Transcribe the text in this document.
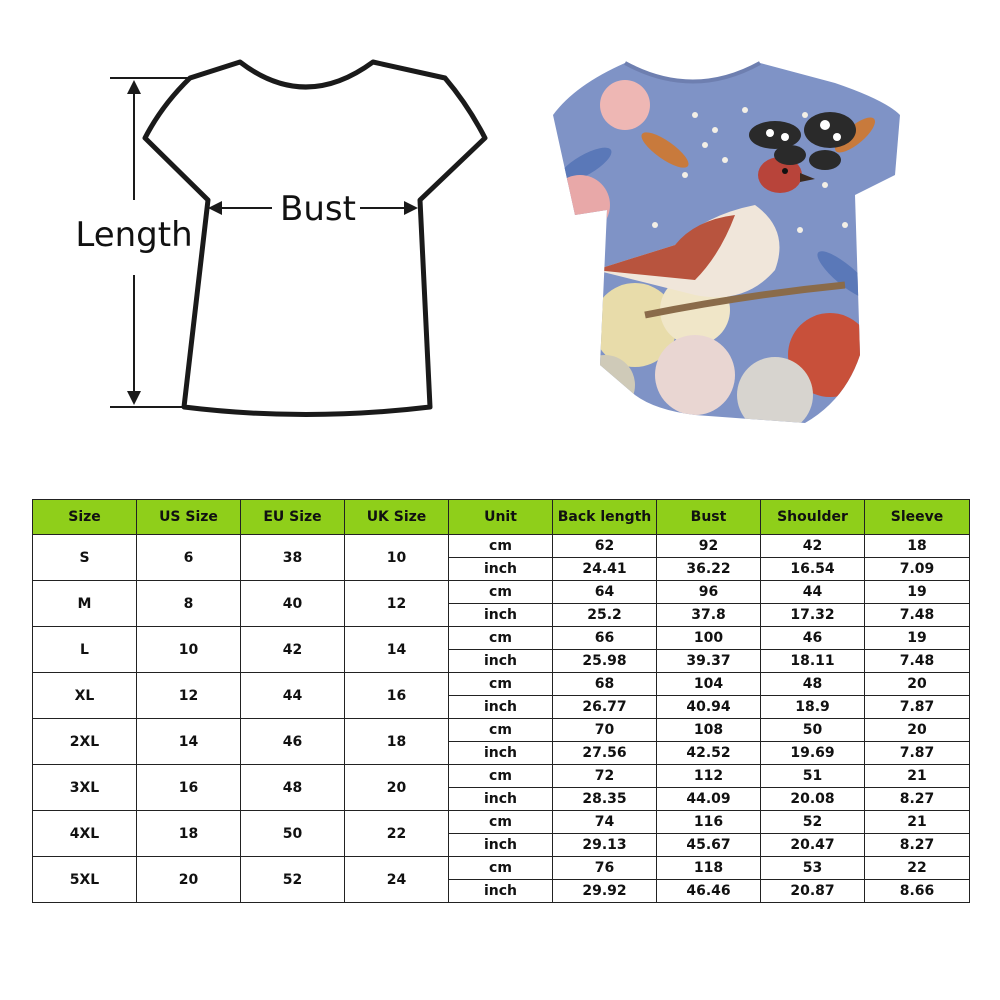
Length
Bust
Size	US Size	EU Size	UK Size	Unit	Back length	Bust	Shoulder	Sleeve
S	6	38	10	cm	62	92	42	18
				inch	24.41	36.22	16.54	7.09
M	8	40	12	cm	64	96	44	19
				inch	25.2	37.8	17.32	7.48
L	10	42	14	cm	66	100	46	19
				inch	25.98	39.37	18.11	7.48
XL	12	44	16	cm	68	104	48	20
				inch	26.77	40.94	18.9	7.87
2XL	14	46	18	cm	70	108	50	20
				inch	27.56	42.52	19.69	7.87
3XL	16	48	20	cm	72	112	51	21
				inch	28.35	44.09	20.08	8.27
4XL	18	50	22	cm	74	116	52	21
				inch	29.13	45.67	20.47	8.27
5XL	20	52	24	cm	76	118	53	22
				inch	29.92	46.46	20.87	8.66
